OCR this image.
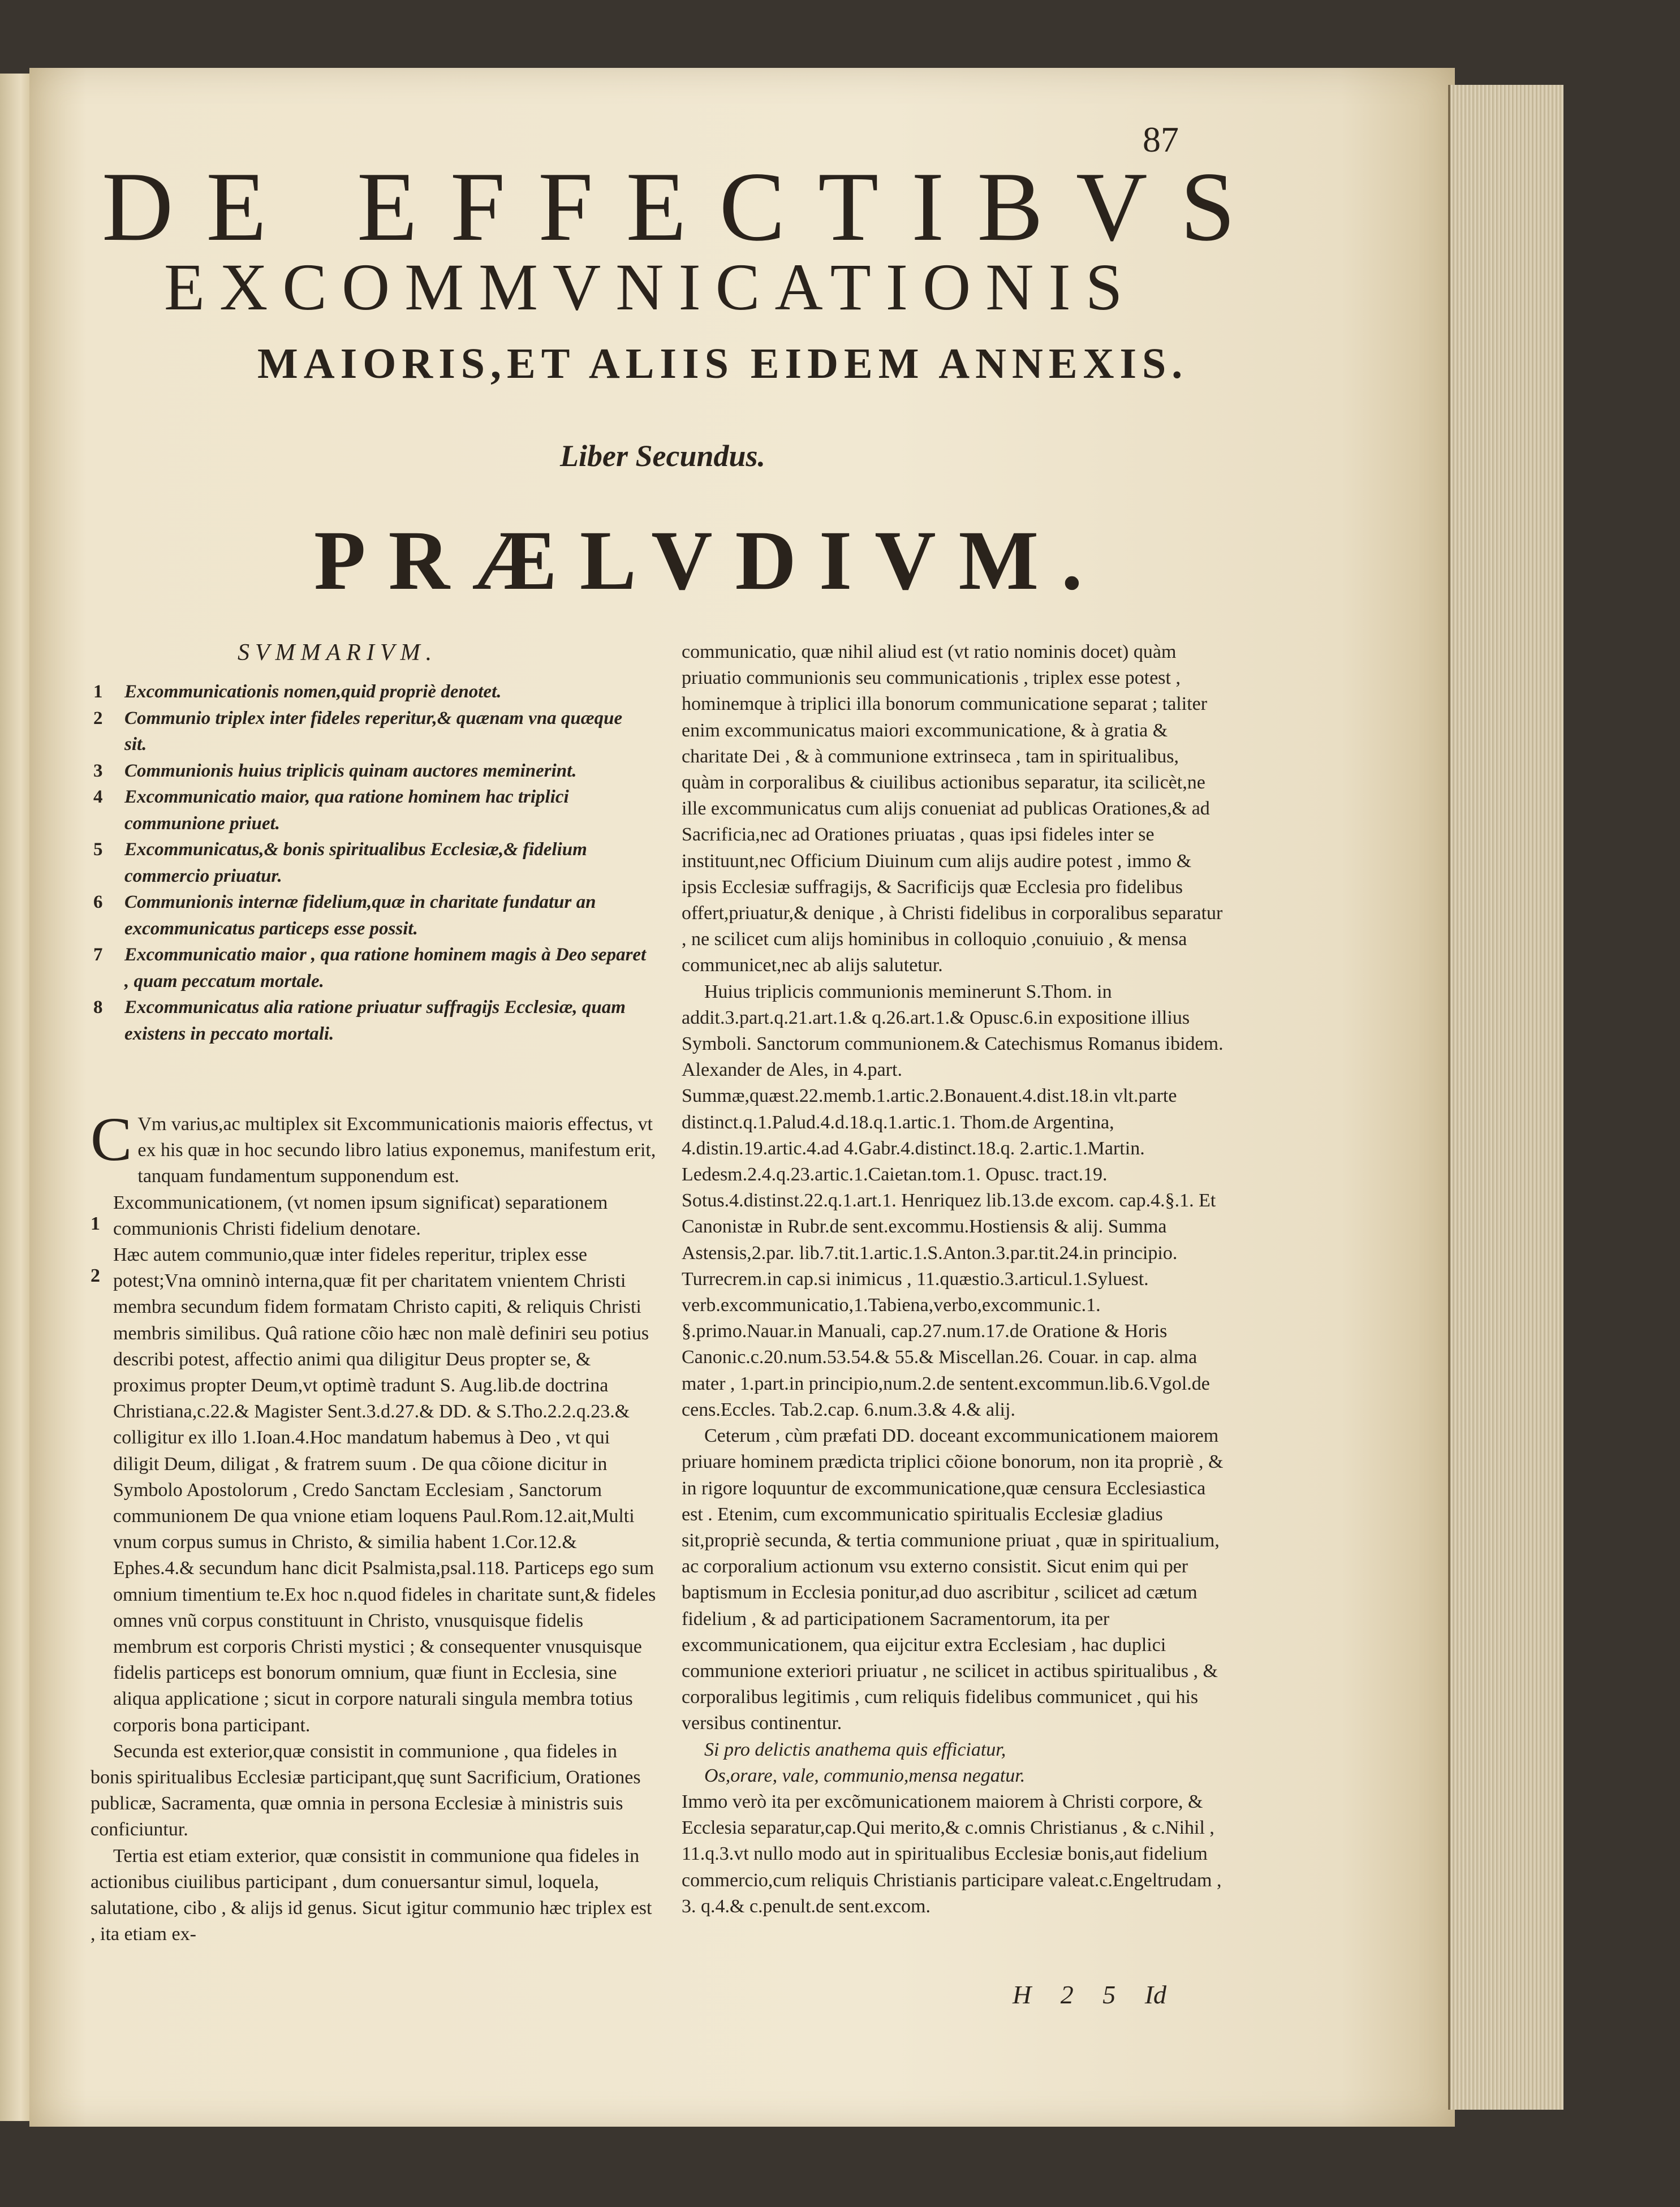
87
DE EFFECTIBVS
EXCOMMVNICATIONIS
MAIORIS,ET ALIIS EIDEM ANNEXIS.
Liber Secundus.
PRÆLVDIVM.
SVMMARIVM.
1 Excommunicationis nomen,quid propriè denotet.
2 Communio triplex inter fideles reperitur,& quænam vna quæque sit.
3 Communionis huius triplicis quinam auctores meminerint.
4 Excommunicatio maior, qua ratione hominem hac triplici communione priuet.
5 Excommunicatus,& bonis spiritualibus Ecclesiæ,& fidelium commercio priuatur.
6 Communionis internæ fidelium,quæ in charitate fundatur an excommunicatus particeps esse possit.
7 Excommunicatio maior , qua ratione hominem magis à Deo separet , quam peccatum mortale.
8 Excommunicatus alia ratione priuatur suffragijs Ecclesiæ, quam existens in peccato mortali.
1
2

C Vm varius,ac multiplex sit Excommunicationis maioris effectus, vt ex his quæ in hoc secundo libro latius exponemus, manifestum erit, tanquam fundamentum supponendum est.

Excommunicationem, (vt nomen ipsum significat) separationem communionis Christi fidelium denotare.

Hæc autem communio,quæ inter fideles reperitur, triplex esse potest;Vna omninò interna,quæ fit per charitatem vnientem Christi membra secundum fidem formatam Christo capiti, & reliquis Christi membris similibus. Quâ ratione cõio hæc non malè definiri seu potius describi potest, affectio animi qua diligitur Deus propter se, & proximus propter Deum,vt optimè tradunt S. Aug.lib.de doctrina Christiana,c.22.& Magister Sent.3.d.27.& DD. & S.Tho.2.2.q.23.& colligitur ex illo 1.Ioan.4.Hoc mandatum habemus à Deo , vt qui diligit Deum, diligat , & fratrem suum . De qua cõione dicitur in Symbolo Apostolorum , Credo Sanctam Ecclesiam , Sanctorum communionem De qua vnione etiam loquens Paul.Rom.12.ait,Multi vnum corpus sumus in Christo, & similia habent 1.Cor.12.& Ephes.4.& secundum hanc dicit Psalmista,psal.118. Particeps ego sum omnium timentium te.Ex hoc n.quod fideles in charitate sunt,& fideles omnes vnũ corpus constituunt in Christo, vnusquisque fidelis membrum est corporis Christi mystici ; & consequenter vnusquisque fidelis particeps est bonorum omnium, quæ fiunt in Ecclesia, sine aliqua applicatione ; sicut in corpore naturali singula membra totius corporis bona participant.

Secunda est exterior,quæ consistit in communione , qua fideles in bonis spiritualibus Ecclesiæ participant,quę sunt Sacrificium, Orationes publicæ, Sacramenta, quæ omnia in persona Ecclesiæ à ministris suis conficiuntur.

Tertia est etiam exterior, quæ consistit in communione qua fideles in actionibus ciuilibus participant , dum conuersantur simul, loquela, salutatione, cibo , & alijs id genus. Sicut igitur communio hæc triplex est , ita etiam ex-

communicatio, quæ nihil aliud est (vt ratio nominis docet) quàm priuatio communionis seu communicationis , triplex esse potest , hominemque à triplici illa bonorum communicatione separat ; taliter enim excommunicatus maiori excommunicatione, & à gratia & charitate Dei , & à communione extrinseca , tam in spiritualibus, quàm in corporalibus & ciuilibus actionibus separatur, ita scilicèt,ne ille excommunicatus cum alijs conueniat ad publicas Orationes,& ad Sacrificia,nec ad Orationes priuatas , quas ipsi fideles inter se instituunt,nec Officium Diuinum cum alijs audire potest , immo & ipsis Ecclesiæ suffragijs, & Sacrificijs quæ Ecclesia pro fidelibus offert,priuatur,& denique , à Christi fidelibus in corporalibus separatur , ne scilicet cum alijs hominibus in colloquio ,conuiuio , & mensa communicet,nec ab alijs salutetur.

Huius triplicis communionis meminerunt S.Thom. in addit.3.part.q.21.art.1.& q.26.art.1.& Opusc.6.in expositione illius Symboli. Sanctorum communionem.& Catechismus Romanus ibidem. Alexander de Ales, in 4.part. Summæ,quæst.22.memb.1.artic.2.Bonauent.4.dist.18.in vlt.parte distinct.q.1.Palud.4.d.18.q.1.artic.1. Thom.de Argentina, 4.distin.19.artic.4.ad 4.Gabr.4.distinct.18.q. 2.artic.1.Martin. Ledesm.2.4.q.23.artic.1.Caietan.tom.1. Opusc. tract.19. Sotus.4.distinst.22.q.1.art.1. Henriquez lib.13.de excom. cap.4.§.1. Et Canonistæ in Rubr.de sent.excommu.Hostiensis & alij. Summa Astensis,2.par. lib.7.tit.1.artic.1.S.Anton.3.par.tit.24.in principio. Turrecrem.in cap.si inimicus , 11.quæstio.3.articul.1.Syluest. verb.excommunicatio,1.Tabiena,verbo,excommunic.1. §.primo.Nauar.in Manuali, cap.27.num.17.de Oratione & Horis Canonic.c.20.num.53.54.& 55.& Miscellan.26. Couar. in cap. alma mater , 1.part.in principio,num.2.de sentent.excommun.lib.6.Vgol.de cens.Eccles. Tab.2.cap. 6.num.3.& 4.& alij.

Ceterum , cùm præfati DD. doceant excommunicationem maiorem priuare hominem prædicta triplici cõione bonorum, non ita propriè , & in rigore loquuntur de excommunicatione,quæ censura Ecclesiastica est . Etenim, cum excommunicatio spiritualis Ecclesiæ gladius sit,propriè secunda, & tertia communione priuat , quæ in spiritualium, ac corporalium actionum vsu externo consistit. Sicut enim qui per baptismum in Ecclesia ponitur,ad duo ascribitur , scilicet ad cætum fidelium , & ad participationem Sacramentorum, ita per excommunicationem, qua eijcitur extra Ecclesiam , hac duplici communione exteriori priuatur , ne scilicet in actibus spiritualibus , & corporalibus legitimis , cum reliquis fidelibus communicet , qui his versibus continentur.

Si pro delictis anathema quis efficiatur,

Os,orare, vale, communio,mensa negatur.

Immo verò ita per excõmunicationem maiorem à Christi corpore, & Ecclesia separatur,cap.Qui merito,& c.omnis Christianus , & c.Nihil , 11.q.3.vt nullo modo aut in spiritualibus Ecclesiæ bonis,aut fidelium commercio,cum reliquis Christianis participare valeat.c.Engeltrudam , 3. q.4.& c.penult.de sent.excom.

H 2 5 Id
